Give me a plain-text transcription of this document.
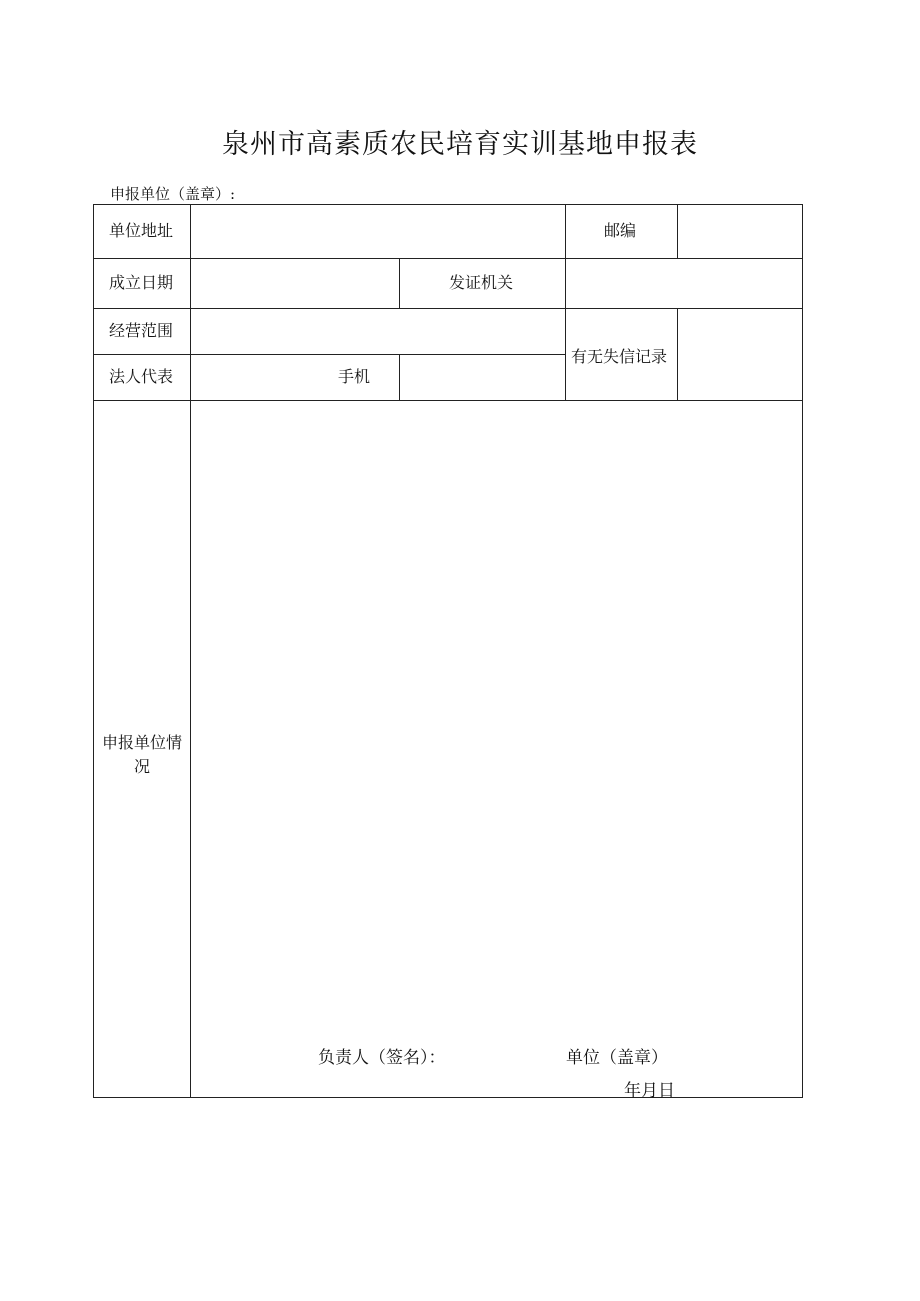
泉州市高素质农民培育实训基地申报表
申报单位（盖章）:
单位地址	邮编
成立日期	发证机关
经营范围
有无失信记录
法人代表	手机
申报单位情
况
负责人（签名）：	单位（盖章）
年月日
